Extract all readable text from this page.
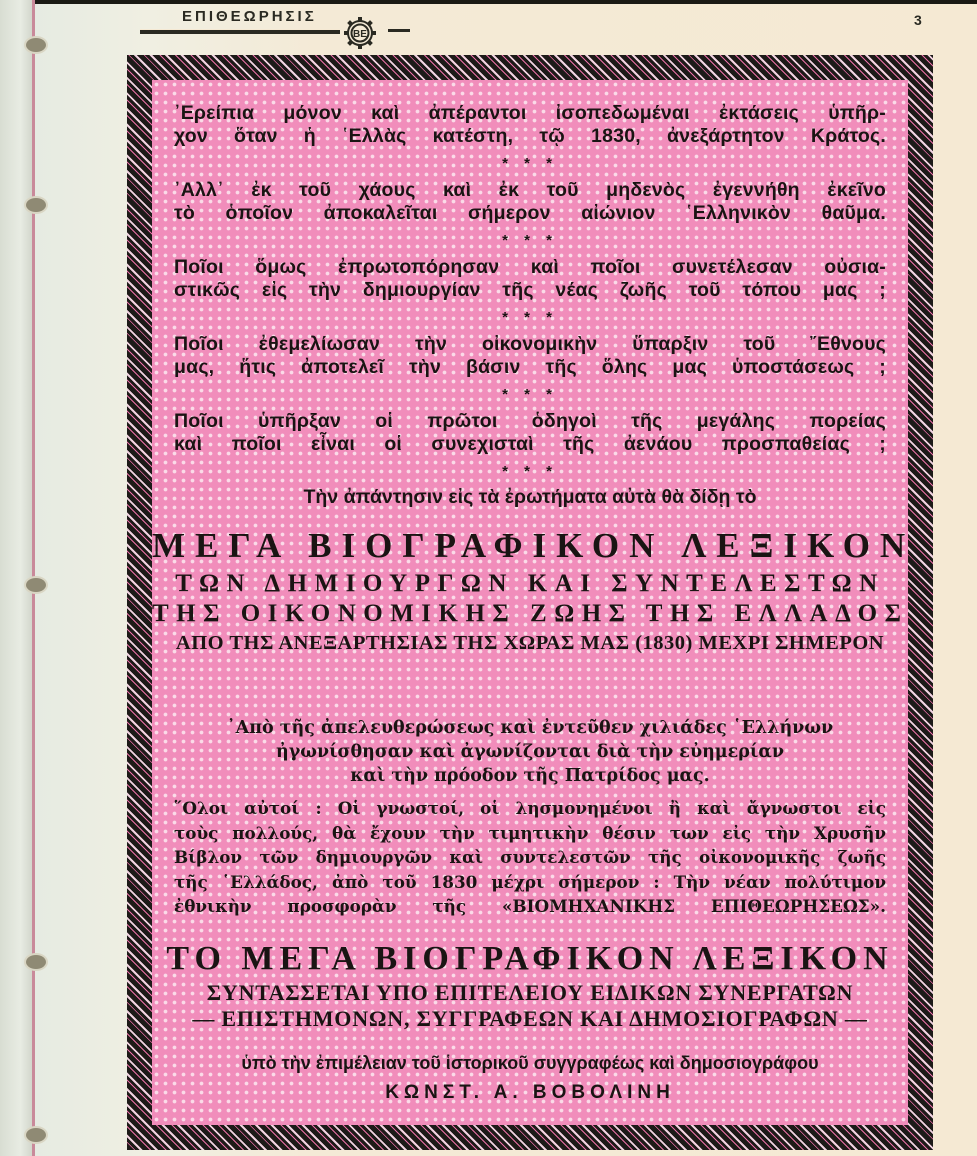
ΕΠΙΘΕΩΡΗΣΙΣ
ΒΕ
3
᾿Ερείπια μόνον καὶ ἀπέραντοι ἰσοπεδωμέναι ἐκτάσεις ὑπῆρ-
χον ὅταν ἡ ῾Ελλὰς κατέστη, τῷ 1830, ἀνεξάρτητον Κράτος.
* * *
᾿Αλλ᾿ ἐκ τοῦ χάους καὶ ἐκ τοῦ μηδενὸς ἐγεννήθη ἐκεῖνο
τὸ ὁποῖον ἀποκαλεῖται σήμερον αἰώνιον ῾Ελληνικὸν θαῦμα.
* * *
Ποῖοι ὅμως ἐπρωτοπόρησαν καὶ ποῖοι συνετέλεσαν οὐσια-
στικῶς εἰς τὴν δημιουργίαν τῆς νέας ζωῆς τοῦ τόπου μας ;
* * *
Ποῖοι ἐθεμελίωσαν τὴν οἰκονομικὴν ὕπαρξιν τοῦ ῎Εθνους
μας, ἥτις ἀποτελεῖ τὴν βάσιν τῆς ὅλης μας ὑποστάσεως ;
* * *
Ποῖοι ὑπῆρξαν οἱ πρῶτοι ὁδηγοὶ τῆς μεγάλης πορείας
καὶ ποῖοι εἶναι οἱ συνεχισταὶ τῆς ἀενάου προσπαθείας ;
* * *
Τὴν ἀπάντησιν εἰς τὰ ἐρωτήματα αὐτὰ θὰ δίδῃ τὸ
ΜΕΓΑ ΒΙΟΓΡΑΦΙΚΟΝ ΛΕΞΙΚΟΝ
ΤΩΝ ΔΗΜΙΟΥΡΓΩΝ ΚΑΙ ΣΥΝΤΕΛΕΣΤΩΝ
ΤΗΣ ΟΙΚΟΝΟΜΙΚΗΣ ΖΩΗΣ ΤΗΣ ΕΛΛΑΔΟΣ
ΑΠΟ ΤΗΣ ΑΝΕΞΑΡΤΗΣΙΑΣ ΤΗΣ ΧΩΡΑΣ ΜΑΣ (1830) ΜΕΧΡΙ ΣΗΜΕΡΟΝ
᾿Απὸ τῆς ἀπελευθερώσεως καὶ ἐντεῦθεν χιλιάδες ῾Ελλήνων
ἠγωνίσθησαν καὶ ἀγωνίζονται διὰ τὴν εὐημερίαν
καὶ τὴν πρόοδον τῆς Πατρίδος μας.
῞Ολοι αὐτοί : Οἱ γνωστοί, οἱ λησμονημένοι ἢ καὶ ἄγνωστοι εἰς
τοὺς πολλούς, θὰ ἔχουν τὴν τιμητικὴν θέσιν των εἰς τὴν Χρυσῆν
Βίβλον τῶν δημιουργῶν καὶ συντελεστῶν τῆς οἰκονομικῆς ζωῆς
τῆς ῾Ελλάδος, ἀπὸ τοῦ 1830 μέχρι σήμερον : Τὴν νέαν πολύτιμον
ἐθνικὴν προσφορὰν τῆς «ΒΙΟΜΗΧΑΝΙΚΗΣ ΕΠΙΘΕΩΡΗΣΕΩΣ».
ΤΟ ΜΕΓΑ ΒΙΟΓΡΑΦΙΚΟΝ ΛΕΞΙΚΟΝ
ΣΥΝΤΑΣΣΕΤΑΙ ΥΠΟ ΕΠΙΤΕΛΕΙΟΥ ΕΙΔΙΚΩΝ ΣΥΝΕΡΓΑΤΩΝ
— ΕΠΙΣΤΗΜΟΝΩΝ, ΣΥΓΓΡΑΦΕΩΝ ΚΑΙ ΔΗΜΟΣΙΟΓΡΑΦΩΝ —
ὑπὸ τὴν ἐπιμέλειαν τοῦ ἱστορικοῦ συγγραφέως καὶ δημοσιογράφου
ΚΩΝΣΤ. Α. ΒΟΒΟΛΙΝΗ
